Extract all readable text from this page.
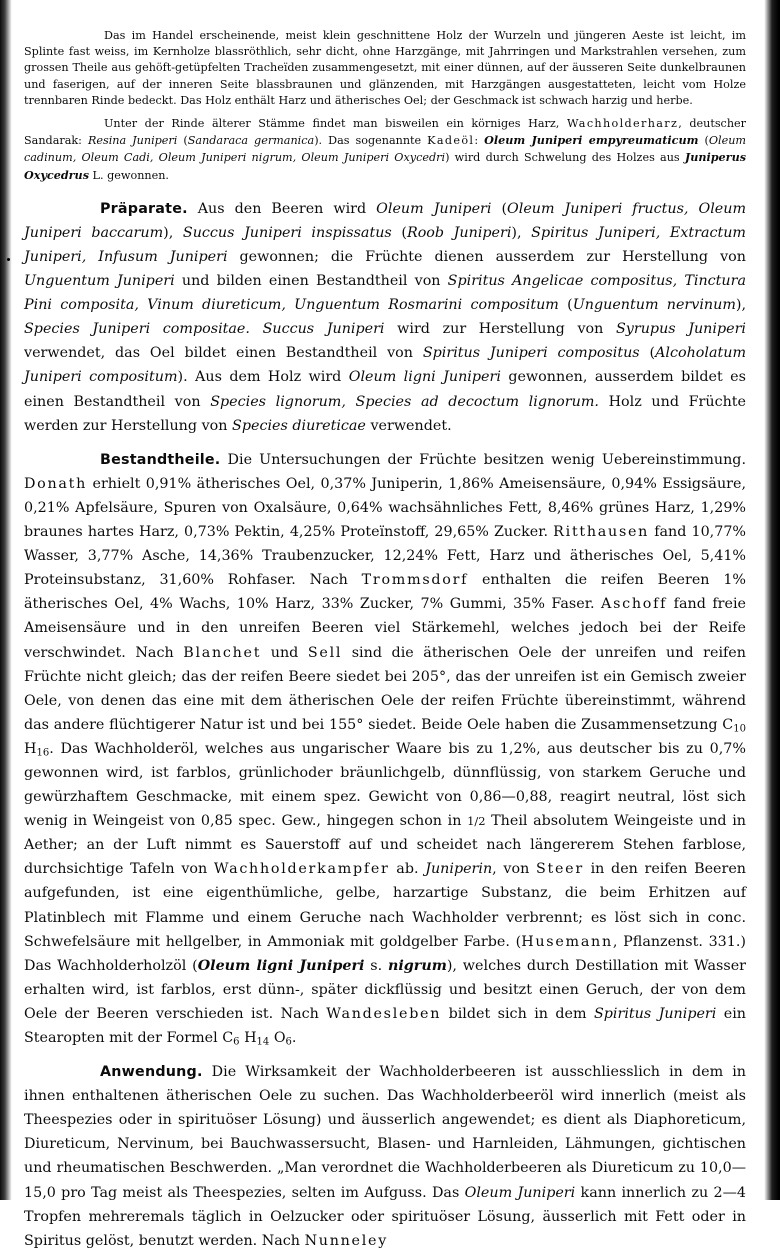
Das im Handel erscheinende, meist klein geschnittene Holz der Wurzeln und jüngeren Aeste ist leicht, im Splinte fast weiss, im Kernholze blassröthlich, sehr dicht, ohne Harzgänge, mit Jahrringen und Markstrahlen versehen, zum grossen Theile aus gehöft-getüpfelten Tracheïden zusammengesetzt, mit einer dünnen, auf der äusseren Seite dunkelbraunen und faserigen, auf der inneren Seite blassbraunen und glänzenden, mit Harzgängen ausgestatteten, leicht vom Holze trennbaren Rinde bedeckt. Das Holz enthält Harz und ätherisches Oel; der Geschmack ist schwach harzig und herbe.

Unter der Rinde älterer Stämme findet man bisweilen ein körniges Harz, Wachholderharz, deutscher Sandarak: Resina Juniperi (Sandaraca germanica). Das sogenannte Kadeöl: Oleum Juniperi empyreumaticum (Oleum cadinum, Oleum Cadi, Oleum Juniperi nigrum, Oleum Juniperi Oxycedri) wird durch Schwelung des Holzes aus Juniperus Oxycedrus L. gewonnen.

Präparate. Aus den Beeren wird Oleum Juniperi (Oleum Juniperi fructus, Oleum Juniperi baccarum), Succus Juniperi inspissatus (Roob Juniperi), Spiritus Juniperi, Extractum Juniperi, Infusum Juniperi gewonnen; die Früchte dienen ausserdem zur Herstellung von Unguentum Juniperi und bilden einen Bestandtheil von Spiritus Angelicae compositus, Tinctura Pini composita, Vinum diureticum, Unguentum Rosmarini compositum (Unguentum nervinum), Species Juniperi compositae. Succus Juniperi wird zur Herstellung von Syrupus Juniperi verwendet, das Oel bildet einen Bestandtheil von Spiritus Juniperi compositus (Alcoholatum Juniperi compositum). Aus dem Holz wird Oleum ligni Juniperi gewonnen, ausserdem bildet es einen Bestandtheil von Species lignorum, Species ad decoctum lignorum. Holz und Früchte werden zur Herstellung von Species diureticae verwendet.

Bestandtheile. Die Untersuchungen der Früchte besitzen wenig Uebereinstimmung. Donath erhielt 0,91% ätherisches Oel, 0,37% Juniperin, 1,86% Ameisensäure, 0,94% Essigsäure, 0,21% Apfelsäure, Spuren von Oxalsäure, 0,64% wachsähnliches Fett, 8,46% grünes Harz, 1,29% braunes hartes Harz, 0,73% Pektin, 4,25% Proteïnstoff, 29,65% Zucker. Ritthausen fand 10,77% Wasser, 3,77% Asche, 14,36% Traubenzucker, 12,24% Fett, Harz und ätherisches Oel, 5,41% Proteinsubstanz, 31,60% Rohfaser. Nach Trommsdorf enthalten die reifen Beeren 1% ätherisches Oel, 4% Wachs, 10% Harz, 33% Zucker, 7% Gummi, 35% Faser. Aschoff fand freie Ameisensäure und in den unreifen Beeren viel Stärkemehl, welches jedoch bei der Reife verschwindet. Nach Blanchet und Sell sind die ätherischen Oele der unreifen und reifen Früchte nicht gleich; das der reifen Beere siedet bei 205°, das der unreifen ist ein Gemisch zweier Oele, von denen das eine mit dem ätherischen Oele der reifen Früchte übereinstimmt, während das andere flüchtigerer Natur ist und bei 155° siedet. Beide Oele haben die Zusammensetzung $C_{10}$ $H_{16}$. Das Wachholderöl, welches aus ungarischer Waare bis zu 1,2%, aus deutscher bis zu 0,7% gewonnen wird, ist farblos, grünlichoder bräunlichgelb, dünnflüssig, von starkem Geruche und gewürzhaftem Geschmacke, mit einem spez. Gewicht von 0,86—0,88, reagirt neutral, löst sich wenig in Weingeist von 0,85 spec. Gew., hingegen schon in 1/2 Theil absolutem Weingeiste und in Aether; an der Luft nimmt es Sauerstoff auf und scheidet nach längererem Stehen farblose, durchsichtige Tafeln von Wachholderkampfer ab. Juniperin, von Steer in den reifen Beeren aufgefunden, ist eine eigenthümliche, gelbe, harzartige Substanz, die beim Erhitzen auf Platinblech mit Flamme und einem Geruche nach Wachholder verbrennt; es löst sich in conc. Schwefelsäure mit hellgelber, in Ammoniak mit goldgelber Farbe. (Husemann, Pflanzenst. 331.) Das Wachholderholzöl (Oleum ligni Juniperi s. nigrum), welches durch Destillation mit Wasser erhalten wird, ist farblos, erst dünn-, später dickflüssig und besitzt einen Geruch, der von dem Oele der Beeren verschieden ist. Nach Wandesleben bildet sich in dem Spiritus Juniperi ein Stearopten mit der Formel $C_6$ $H_{14}$ $O_6$.

Anwendung. Die Wirksamkeit der Wachholderbeeren ist ausschliesslich in dem in ihnen enthaltenen ätherischen Oele zu suchen. Das Wachholderbeeröl wird innerlich (meist als Theespezies oder in spirituöser Lösung) und äusserlich angewendet; es dient als Diaphoreticum, Diureticum, Nervinum, bei Bauchwassersucht, Blasen- und Harnleiden, Lähmungen, gichtischen und rheumatischen Beschwerden. „Man verordnet die Wachholderbeeren als Diureticum zu 10,0—15,0 pro Tag meist als Theespezies, selten im Aufguss. Das Oleum Juniperi kann innerlich zu 2—4 Tropfen mehreremals täglich in Oelzucker oder spirituöser Lösung, äusserlich mit Fett oder in Spiritus gelöst, benutzt werden. Nach Nunneley
